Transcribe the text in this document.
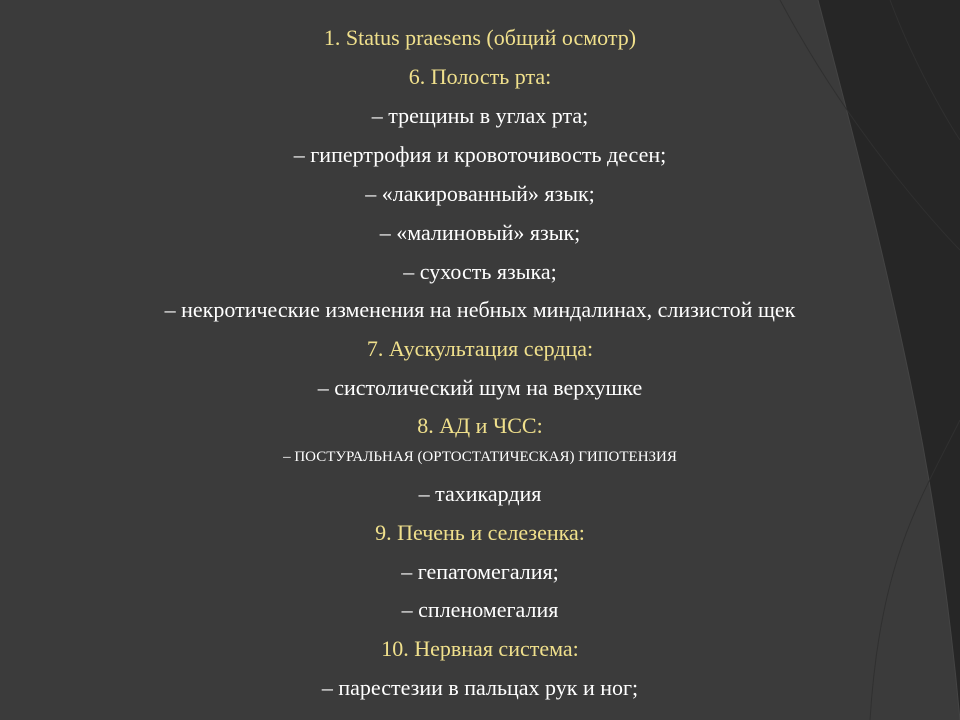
1. Status praesens (общий осмотр)
6. Полость рта:
– трещины в углах рта;
– гипертрофия и кровоточивость десен;
– «лакированный» язык;
– «малиновый» язык;
– сухость языка;
– некротические изменения на небных миндалинах, слизистой щек
7. Аускультация сердца:
– систолический шум на верхушке
8. АД и ЧСС:
– ПОСТУРАЛЬНАЯ (ОРТОСТАТИЧЕСКАЯ) ГИПОТЕНЗИЯ
– тахикардия
9. Печень и селезенка:
– гепатомегалия;
– спленомегалия
10. Нервная система:
– парестезии в пальцах рук и ног;
